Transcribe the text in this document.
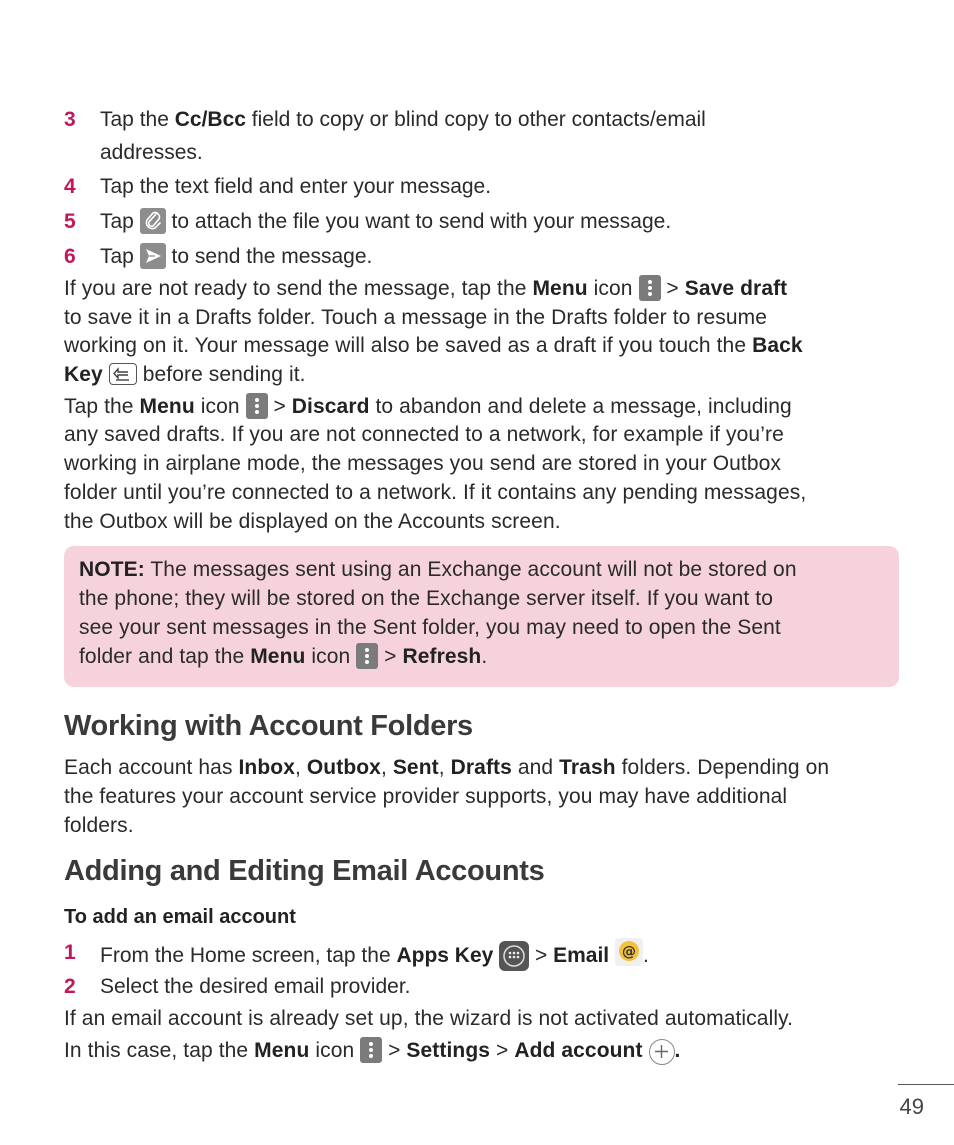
3 Tap the Cc/Bcc field to copy or blind copy to other contacts/email
addresses.
4 Tap the text field and enter your message.
5 Tap  to attach the file you want to send with your message.
6 Tap  to send the message.
If you are not ready to send the message, tap the Menu icon  > Save draft
to save it in a Drafts folder. Touch a message in the Drafts folder to resume
working on it. Your message will also be saved as a draft if you touch the Back
Key  before sending it.
Tap the Menu icon  > Discard to abandon and delete a message, including
any saved drafts. If you are not connected to a network, for example if you’re
working in airplane mode, the messages you send are stored in your Outbox
folder until you’re connected to a network. If it contains any pending messages,
the Outbox will be displayed on the Accounts screen.
NOTE: The messages sent using an Exchange account will not be stored on
the phone; they will be stored on the Exchange server itself. If you want to
see your sent messages in the Sent folder, you may need to open the Sent
folder and tap the Menu icon  > Refresh.
Working with Account Folders
Each account has Inbox, Outbox, Sent, Drafts and Trash folders. Depending on
the features your account service provider supports, you may have additional
folders.
Adding and Editing Email Accounts
To add an email account
1 From the Home screen, tap the Apps Key  > Email @ .
2 Select the desired email provider.
If an email account is already set up, the wizard is not activated automatically.
In this case, tap the Menu icon  > Settings > Add account .
49
